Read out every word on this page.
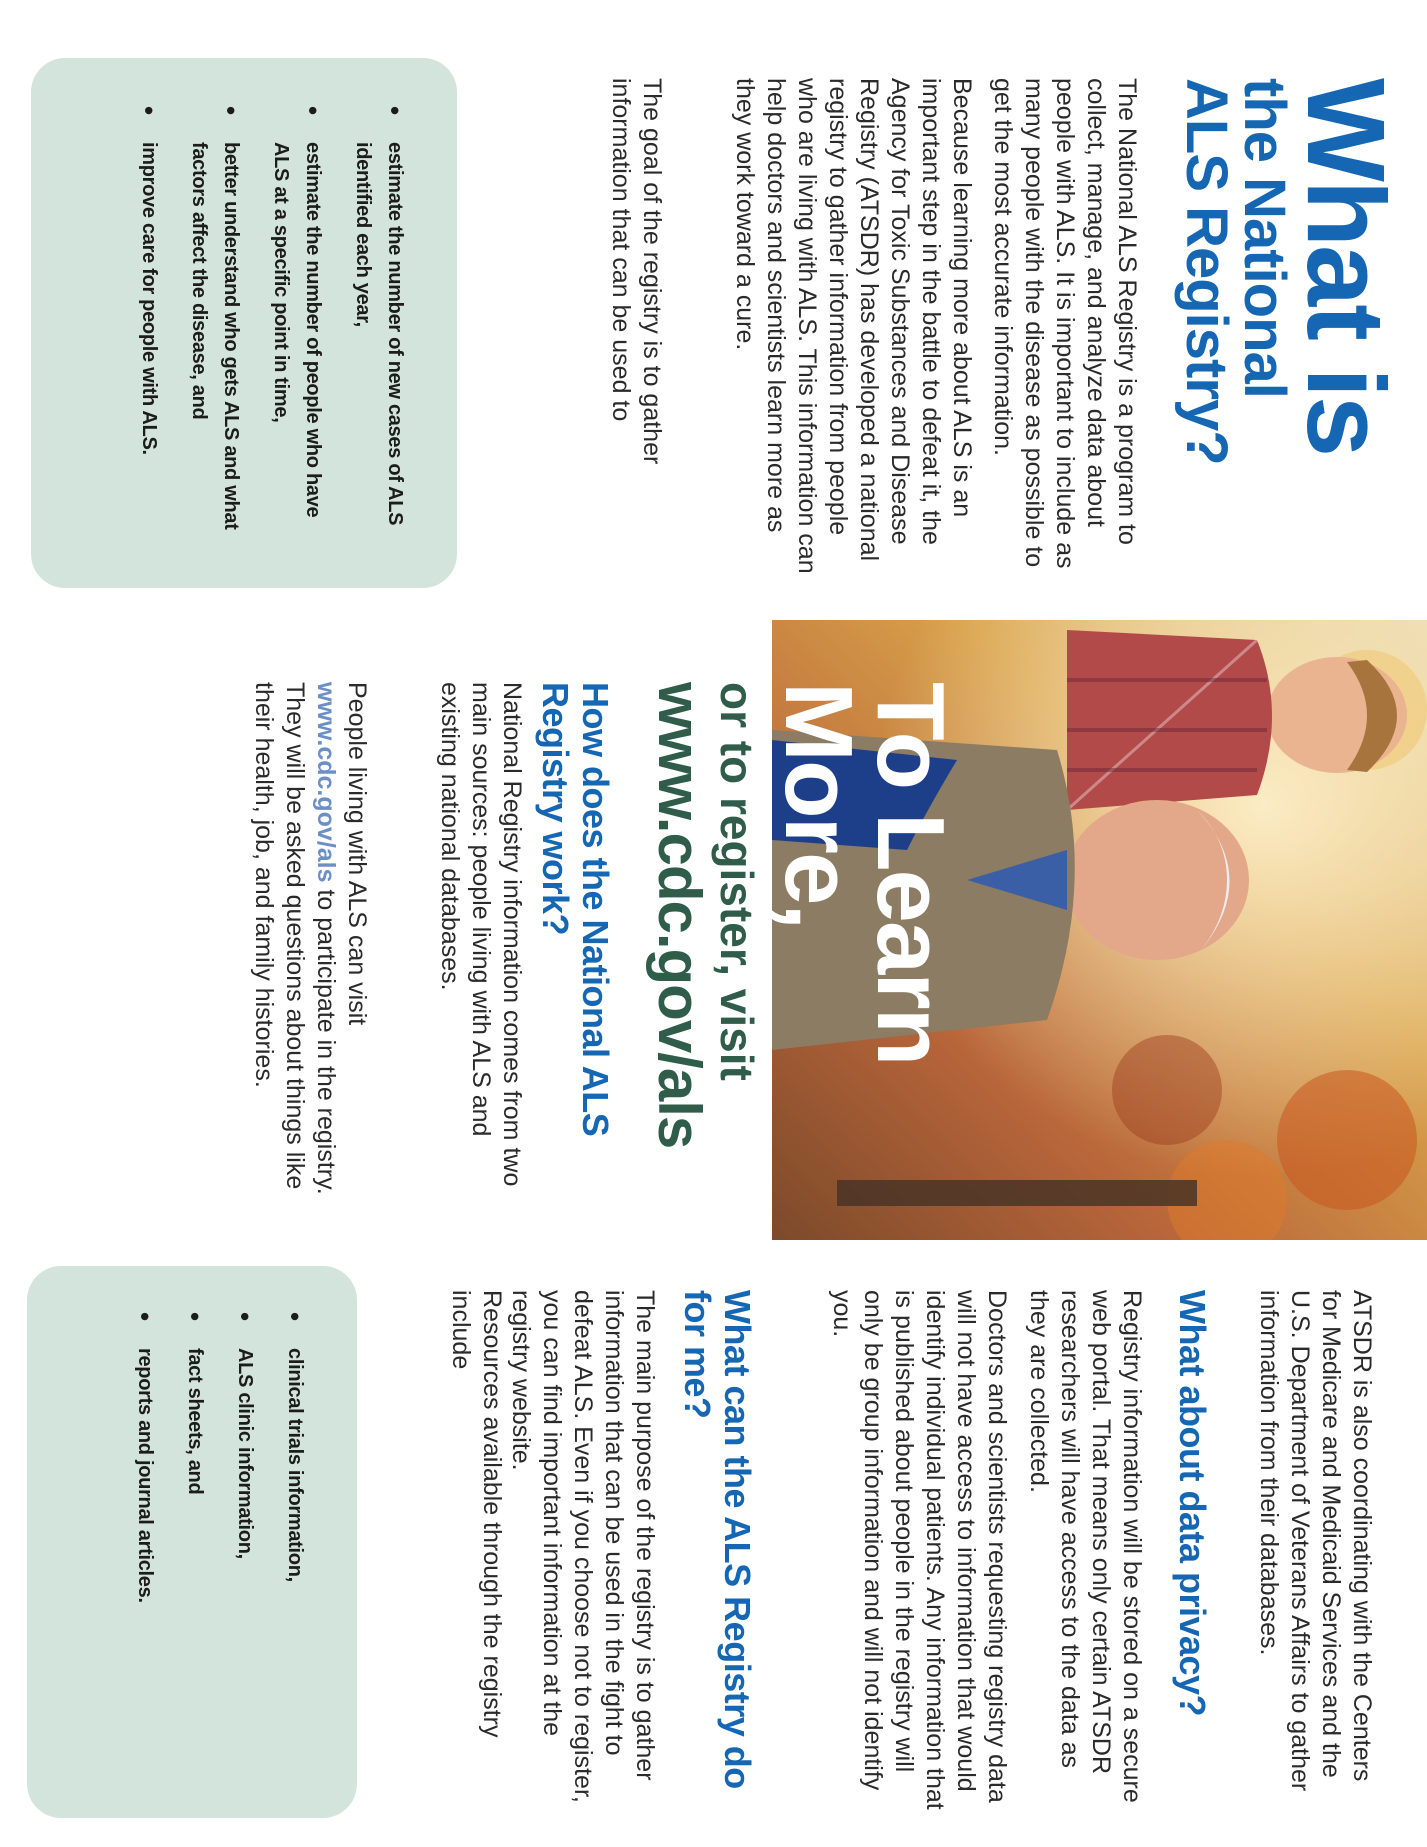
What is
the National
ALS Registry?

The National ALS Registry is a program to collect, manage, and analyze data about people with ALS. It is important to include as many people with the disease as possible to get the most accurate information.

Because learning more about ALS is an important step in the battle to defeat it, the Agency for Toxic Substances and Disease Registry (ATSDR) has developed a national registry to gather information from people who are living with ALS. This information can help doctors and scientists learn more as they work toward a cure.

The goal of the registry is to gather information that can be used to

•
estimate the number of new cases of ALS identified each year,
•
estimate the number of people who have ALS at a specific point in time,
•
better understand who gets ALS and what factors affect the disease, and
•
improve care for people with ALS.
To Learn
More,

or to register, visit

www.cdc.gov/als

How does the National ALS Registry work?

National Registry information comes from two main sources: people living with ALS and existing national databases.

People living with ALS can visit www.cdc.gov/als to participate in the registry. They will be asked questions about things like their health, job, and family histories.

ATSDR is also coordinating with the Centers for Medicare and Medicaid Services and the U.S. Department of Veterans Affairs to gather information from their databases.

What about data privacy?

Registry information will be stored on a secure web portal. That means only certain ATSDR researchers will have access to the data as they are collected.

Doctors and scientists requesting registry data will not have access to information that would identify individual patients. Any information that is published about people in the registry will only be group information and will not identify you.

What can the ALS Registry do for me?

The main purpose of the registry is to gather information that can be used in the fight to defeat ALS. Even if you choose not to register, you can find important information at the registry website.

Resources available through the registry include

•
clinical trials information,
•
ALS clinic information,
•
fact sheets, and
•
reports and journal articles.
